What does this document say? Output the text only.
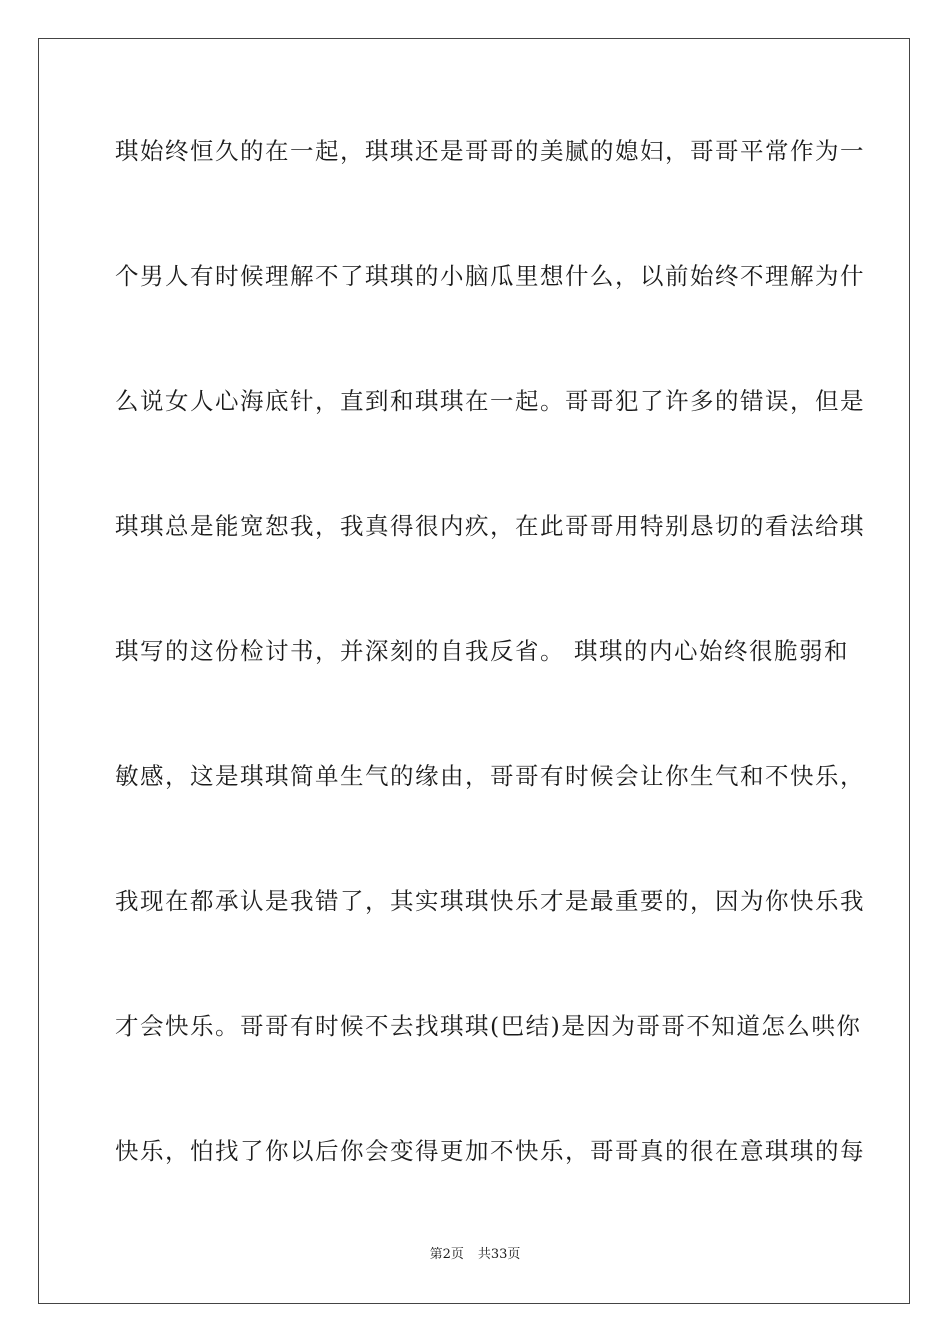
琪始终恒久的在一起，琪琪还是哥哥的美腻的媳妇，哥哥平常作为一
个男人有时候理解不了琪琪的小脑瓜里想什么，以前始终不理解为什
么说女人心海底针，直到和琪琪在一起。哥哥犯了许多的错误，但是
琪琪总是能宽恕我，我真得很内疚，在此哥哥用特别恳切的看法给琪
琪写的这份检讨书，并深刻的自我反省。 琪琪的内心始终很脆弱和
敏感，这是琪琪简单生气的缘由，哥哥有时候会让你生气和不快乐，
我现在都承认是我错了，其实琪琪快乐才是最重要的，因为你快乐我
才会快乐。哥哥有时候不去找琪琪(巴结)是因为哥哥不知道怎么哄你
快乐，怕找了你以后你会变得更加不快乐，哥哥真的很在意琪琪的每
第2页 共33页
